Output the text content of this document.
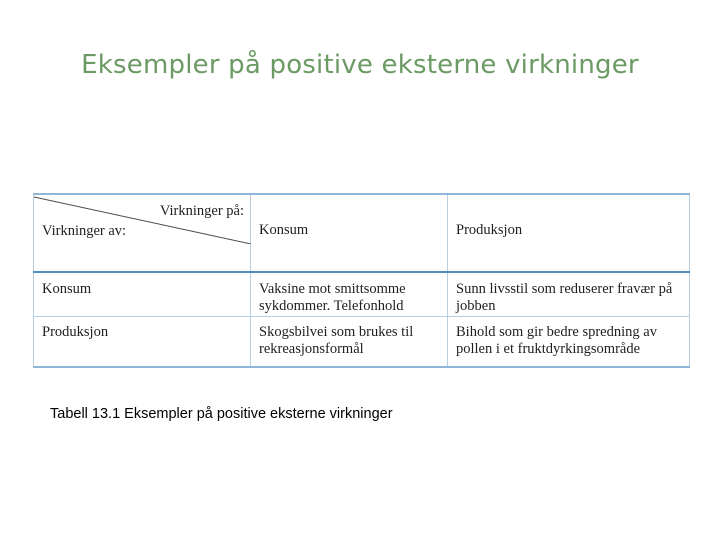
Eksempler på positive eksterne virkninger
Virkninger på:
Virkninger av:	Konsum	Produksjon
Konsum	Vaksine mot smittsomme sykdommer. Telefonhold	Sunn livsstil som reduserer fravær på jobben
Produksjon	Skogsbilvei som brukes til rekreasjonsformål	Bihold som gir bedre spredning av pollen i et fruktdyrkingsområde
Tabell 13.1 Eksempler på positive eksterne virkninger
